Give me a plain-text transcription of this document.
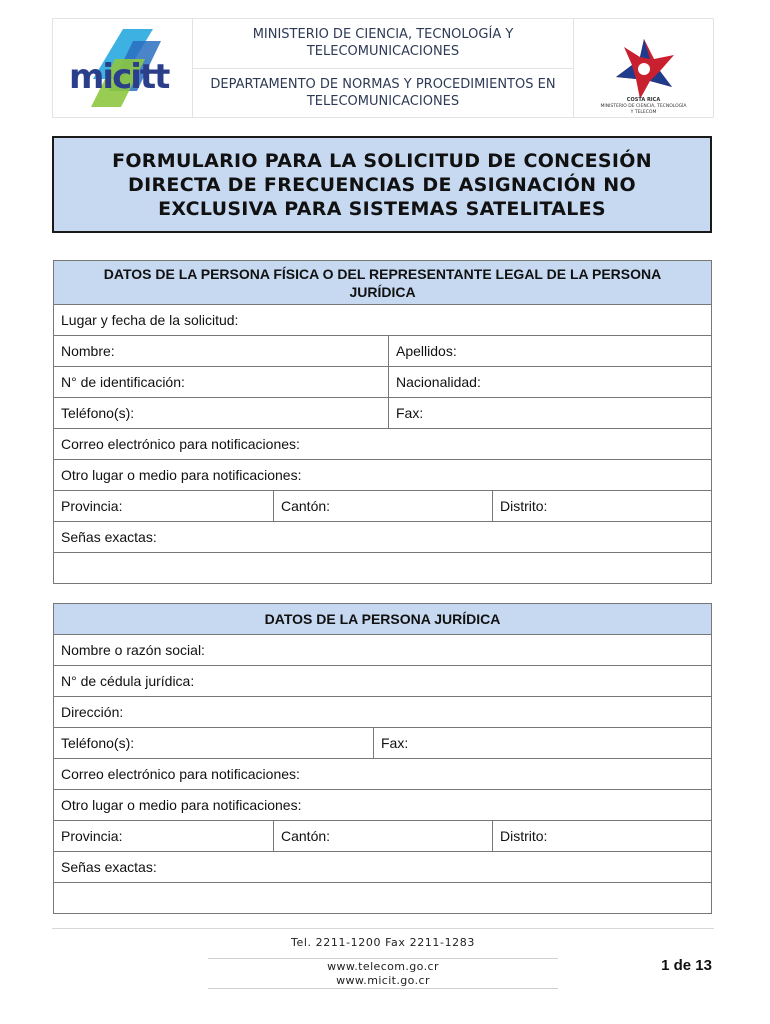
micitt
MINISTERIO DE CIENCIA, TECNOLOGÍA Y TELECOMUNICACIONES
DEPARTAMENTO DE NORMAS Y PROCEDIMIENTOS EN TELECOMUNICACIONES	COSTA RICA
MINISTERIO DE CIENCIA, TECNOLOGÍA
Y TELECOM
FORMULARIO PARA LA SOLICITUD DE CONCESIÓN DIRECTA DE FRECUENCIAS DE ASIGNACIÓN NO EXCLUSIVA PARA SISTEMAS SATELITALES
DATOS DE LA PERSONA FÍSICA O DEL REPRESENTANTE LEGAL DE LA PERSONA JURÍDICA			
Lugar y fecha de la solicitud:			
Nombre:		Apellidos:	
N° de identificación:		Nacionalidad:	
Teléfono(s):		Fax:	
Correo electrónico para notificaciones:			
Otro lugar o medio para notificaciones:			
Provincia:	Cantón:		Distrito:
Señas exactas:			

DATOS DE LA PERSONA JURÍDICA			
Nombre o razón social:			
N° de cédula jurídica:			
Dirección:			
Teléfono(s):		Fax:	
Correo electrónico para notificaciones:			
Otro lugar o medio para notificaciones:			
Provincia:	Cantón:		Distrito:
Señas exactas:			

Tel. 2211-1200 Fax 2211-1283
www.telecom.go.cr
www.micit.go.cr
1 de 13
